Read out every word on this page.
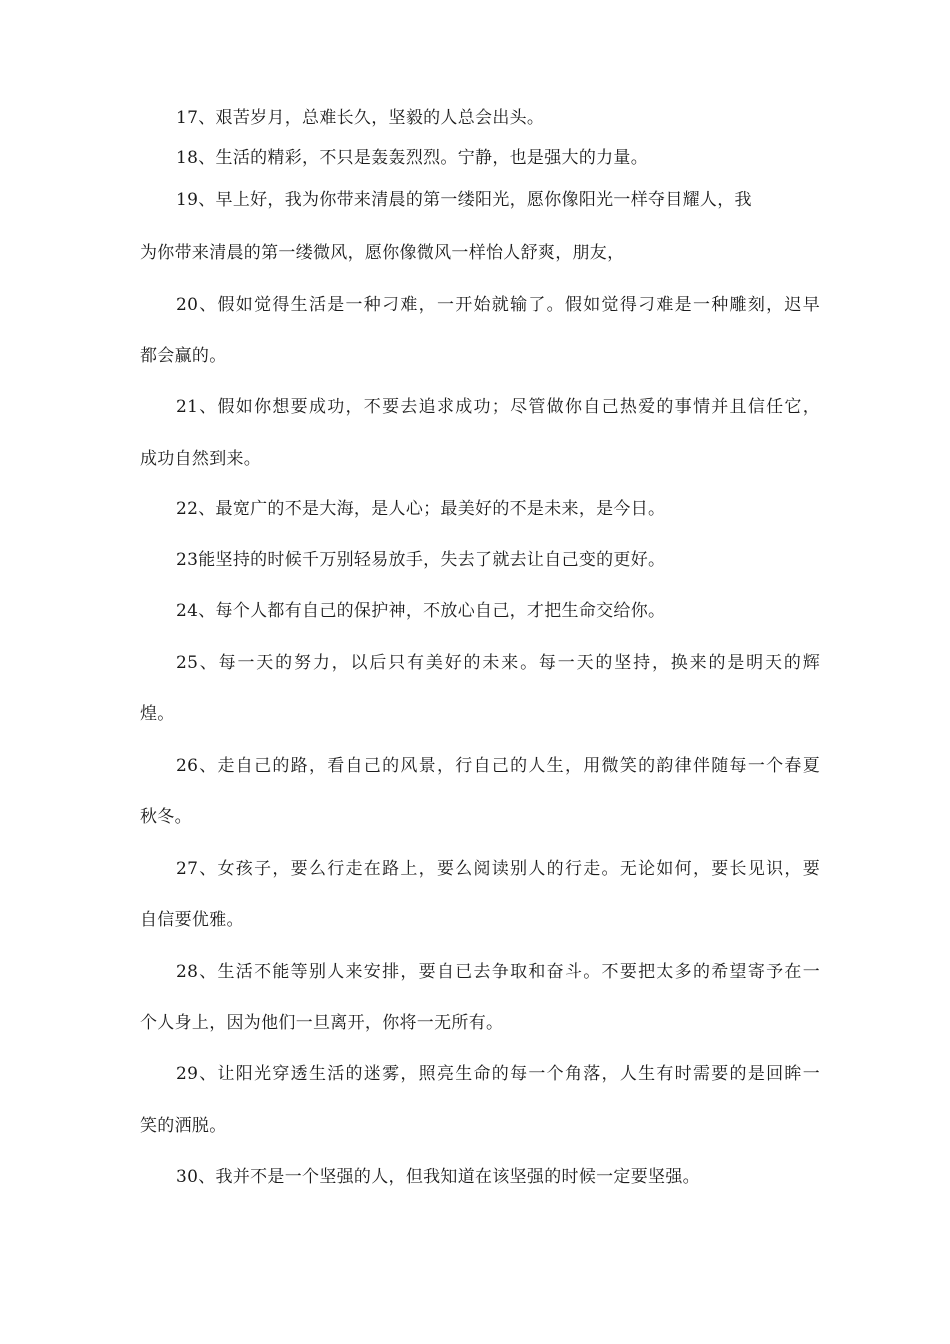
17、艰苦岁月，总难长久，坚毅的人总会出头。
18、生活的精彩，不只是轰轰烈烈。宁静，也是强大的力量。
19、早上好，我为你带来清晨的第一缕阳光，愿你像阳光一样夺目耀人，我
为你带来清晨的第一缕微风，愿你像微风一样怡人舒爽，朋友，
20、假如觉得生活是一种刁难，一开始就输了。假如觉得刁难是一种雕刻，迟早
都会赢的。
21、假如你想要成功，不要去追求成功；尽管做你自己热爱的事情并且信任它，
成功自然到来。
22、最宽广的不是大海，是人心；最美好的不是未来，是今日。
23能坚持的时候千万别轻易放手，失去了就去让自己变的更好。
24、每个人都有自己的保护神，不放心自己，才把生命交给你。
25、每一天的努力，以后只有美好的未来。每一天的坚持，换来的是明天的辉
煌。
26、走自己的路，看自己的风景，行自己的人生，用微笑的韵律伴随每一个春夏
秋冬。
27、女孩子，要么行走在路上，要么阅读别人的行走。无论如何，要长见识，要
自信要优雅。
28、生活不能等别人来安排，要自已去争取和奋斗。不要把太多的希望寄予在一
个人身上，因为他们一旦离开，你将一无所有。
29、让阳光穿透生活的迷雾，照亮生命的每一个角落，人生有时需要的是回眸一
笑的洒脱。
30、我并不是一个坚强的人，但我知道在该坚强的时候一定要坚强。
